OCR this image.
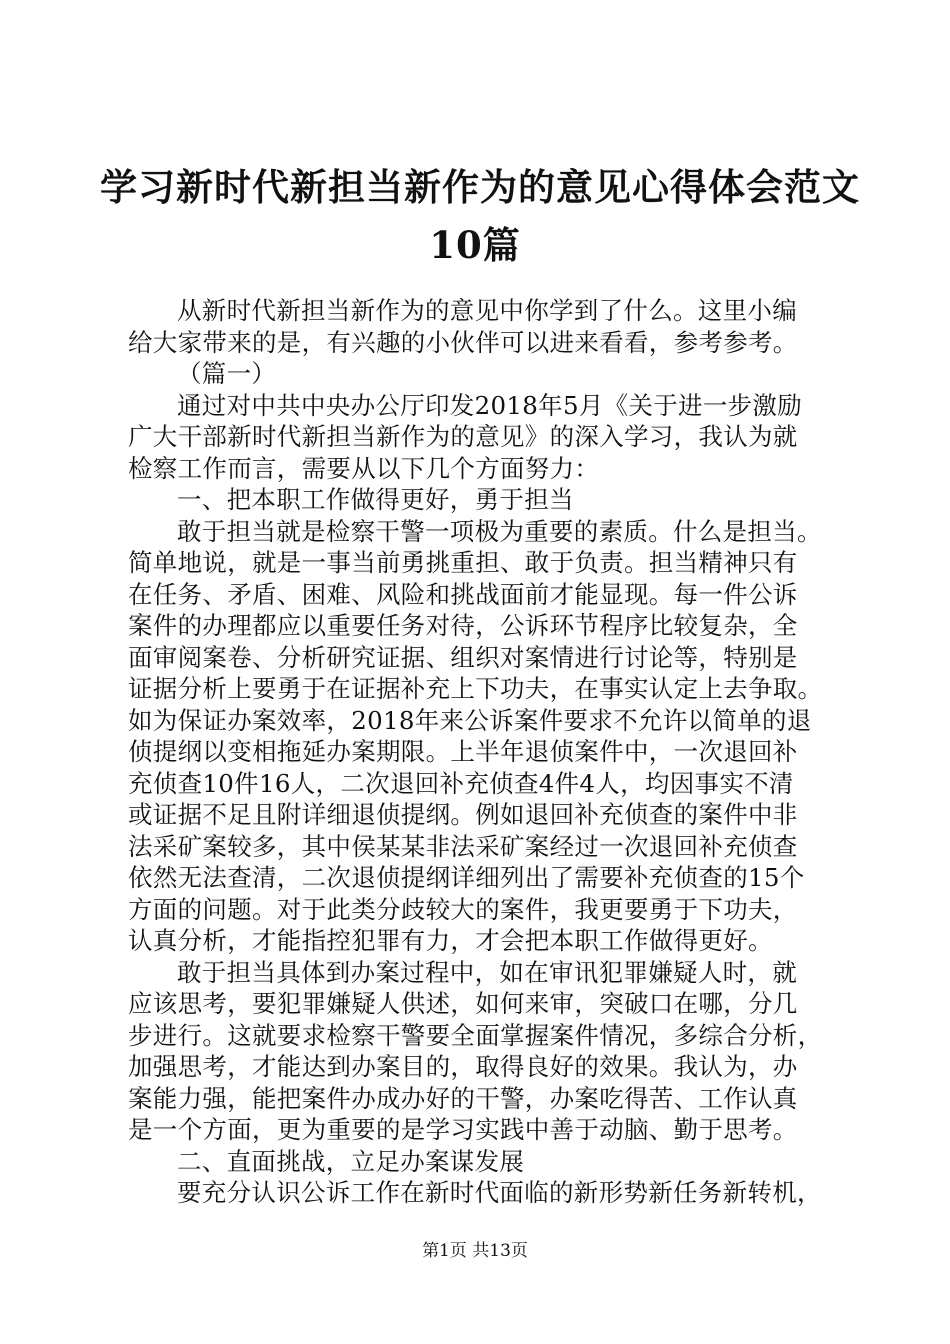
学习新时代新担当新作为的意见心得体会范文
10篇
从新时代新担当新作为的意见中你学到了什么。这里小编
给大家带来的是，有兴趣的小伙伴可以进来看看，参考参考。
（篇一）
通过对中共中央办公厅印发2018年5月《关于进一步激励
广大干部新时代新担当新作为的意见》的深入学习，我认为就
检察工作而言，需要从以下几个方面努力：
一、把本职工作做得更好，勇于担当
敢于担当就是检察干警一项极为重要的素质。什么是担当。
简单地说，就是一事当前勇挑重担、敢于负责。担当精神只有
在任务、矛盾、困难、风险和挑战面前才能显现。每一件公诉
案件的办理都应以重要任务对待，公诉环节程序比较复杂，全
面审阅案卷、分析研究证据、组织对案情进行讨论等，特别是
证据分析上要勇于在证据补充上下功夫，在事实认定上去争取。
如为保证办案效率，2018年来公诉案件要求不允许以简单的退
侦提纲以变相拖延办案期限。上半年退侦案件中，一次退回补
充侦查10件16人，二次退回补充侦查4件4人，均因事实不清
或证据不足且附详细退侦提纲。例如退回补充侦查的案件中非
法采矿案较多，其中侯某某非法采矿案经过一次退回补充侦查
依然无法查清，二次退侦提纲详细列出了需要补充侦查的15个
方面的问题。对于此类分歧较大的案件，我更要勇于下功夫，
认真分析，才能指控犯罪有力，才会把本职工作做得更好。
敢于担当具体到办案过程中，如在审讯犯罪嫌疑人时，就
应该思考，要犯罪嫌疑人供述，如何来审，突破口在哪，分几
步进行。这就要求检察干警要全面掌握案件情况，多综合分析，
加强思考，才能达到办案目的，取得良好的效果。我认为，办
案能力强，能把案件办成办好的干警，办案吃得苦、工作认真
是一个方面，更为重要的是学习实践中善于动脑、勤于思考。
二、直面挑战，立足办案谋发展
要充分认识公诉工作在新时代面临的新形势新任务新转机，
第1页 共13页
